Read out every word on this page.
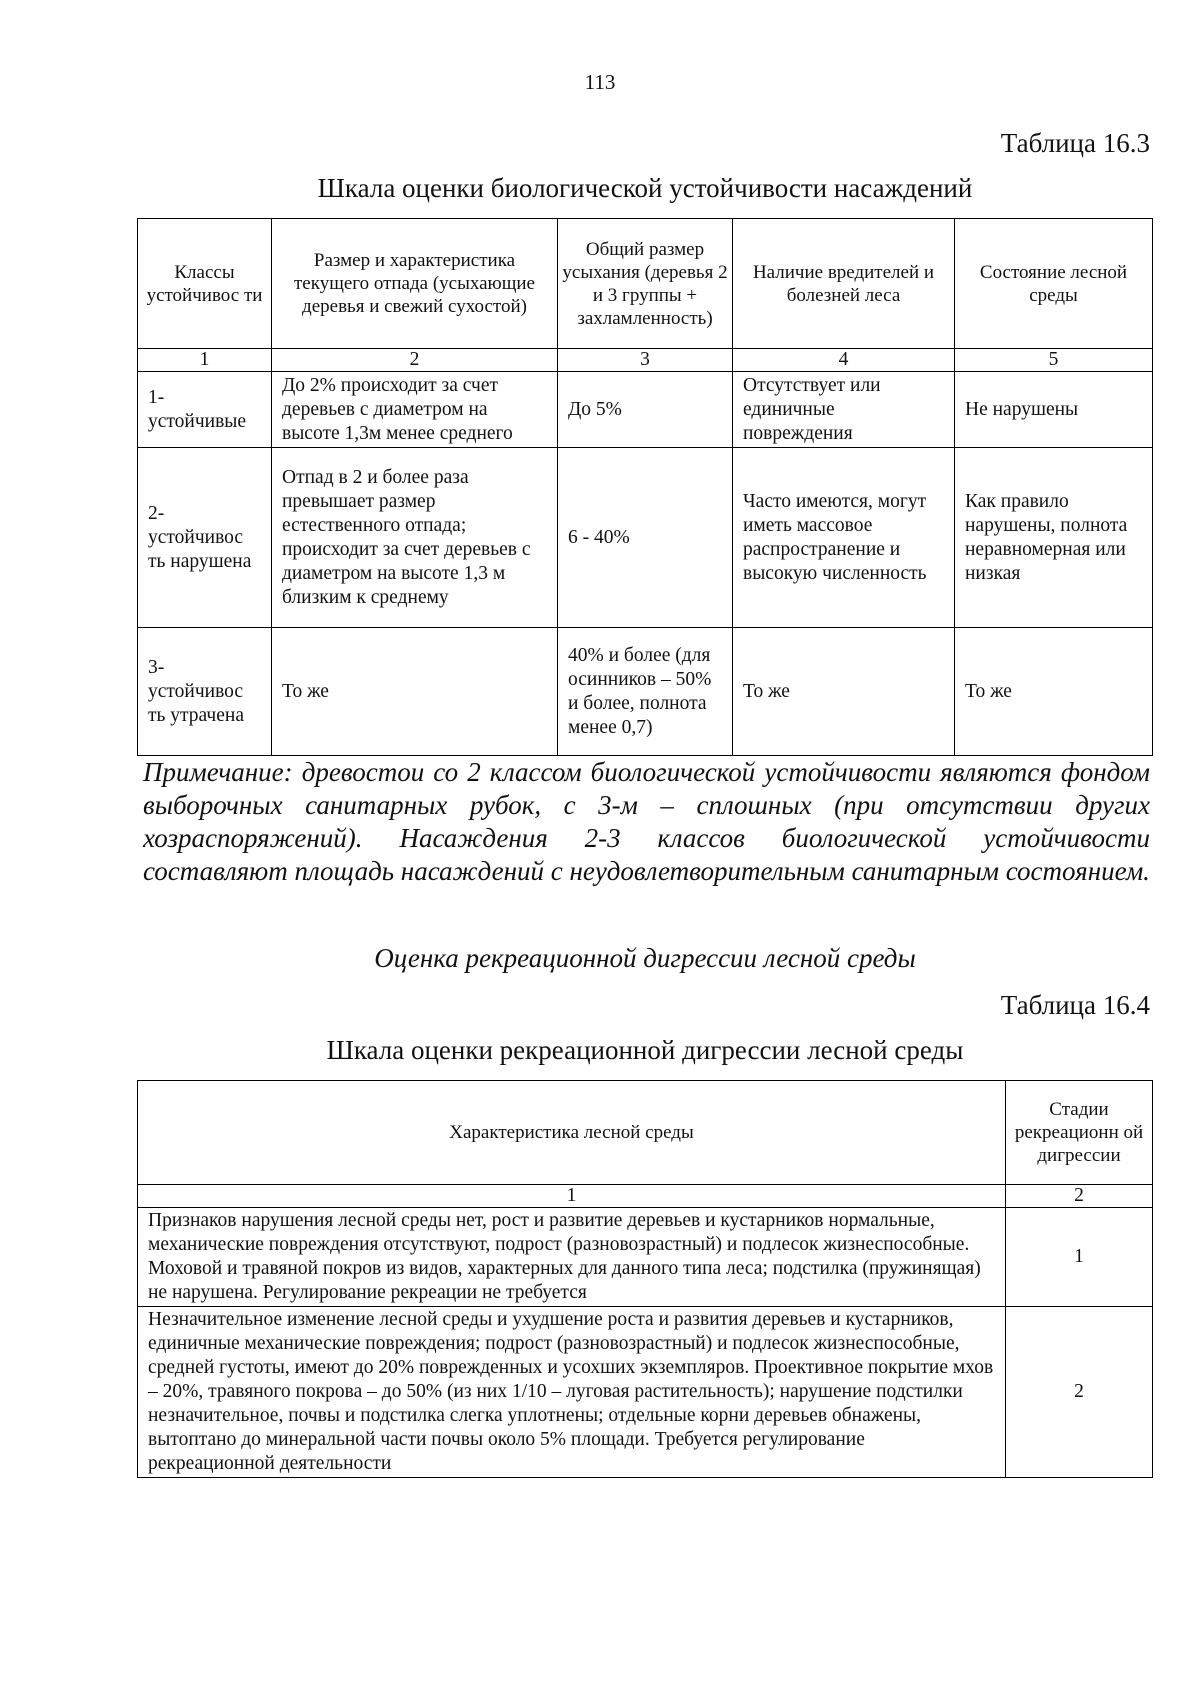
113
Таблица 16.3
Шкала оценки биологической устойчивости насаждений
Классы устойчивос ти	Размер и характеристика текущего отпада (усыхающие деревья и свежий сухостой)	Общий размер усыхания (деревья 2 и 3 группы + захламленность)	Наличие вредителей и болезней леса	Состояние лесной среды
1	2	3	4	5
1- устойчивые	До 2% происходит за счет деревьев с диаметром на высоте 1,3м менее среднего	До 5%	Отсутствует или единичные повреждения	Не нарушены
2- устойчивос ть нарушена	Отпад в 2 и более раза превышает размер естественного отпада; происходит за счет деревьев с диаметром на высоте 1,3 м близким к среднему	6 - 40%	Часто имеются, могут иметь массовое распространение и высокую численность	Как правило нарушены, полнота неравномерная или низкая
3- устойчивос ть утрачена	То же	40% и более (для осинников – 50% и более, полнота менее 0,7)	То же	То же

Примечание: древостои со 2 классом биологической устойчивости являются фондом выборочных санитарных рубок, с 3-м – сплошных (при отсутствии других хозраспоряжений). Насаждения 2-3 классов биологической устойчивости составляют площадь насаждений с неудовлетворительным санитарным состоянием.

Оценка рекреационной дигрессии лесной среды
Таблица 16.4
Шкала оценки рекреационной дигрессии лесной среды
Характеристика лесной среды	Стадии рекреационн ой дигрессии
1	2
Признаков нарушения лесной среды нет, рост и развитие деревьев и кустарников нормальные, механические повреждения отсутствуют, подрост (разновозрастный) и подлесок жизнеспособные. Моховой и травяной покров из видов, характерных для данного типа леса; подстилка (пружинящая) не нарушена. Регулирование рекреации не требуется	1
Незначительное изменение лесной среды и ухудшение роста и развития деревьев и кустарников, единичные механические повреждения; подрост (разновозрастный) и подлесок жизнеспособные, средней густоты, имеют до 20% поврежденных и усохших экземпляров. Проективное покрытие мхов – 20%, травяного покрова – до 50% (из них 1/10 – луговая растительность); нарушение подстилки незначительное, почвы и подстилка слегка уплотнены; отдельные корни деревьев обнажены, вытоптано до минеральной части почвы около 5% площади. Требуется регулирование рекреационной деятельности	2
